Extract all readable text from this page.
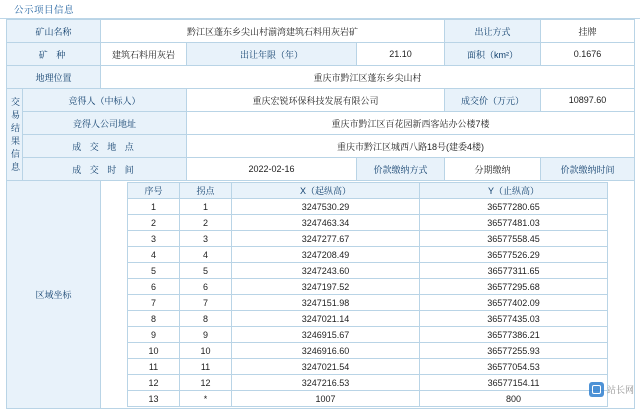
公示项目信息
矿山名称	黔江区蓬东乡尖山村湔湾建筑石料用灰岩矿	出让方式	挂牌
矿 种	建筑石料用灰岩	出让年限（年）	21.10	面积（km²）	0.1676
地理位置	重庆市黔江区蓬东乡尖山村
交易结果信息	竞得人（中标人）	重庆宏锐环保科技发展有限公司	成交价（万元）	10897.60
竞得人公司地址	重庆市黔江区百花园新西客站办公楼7楼
成 交 地 点	重庆市黔江区城西八路18号(建委4楼)
成 交 时 间	2022-02-16	价款缴纳方式	分期缴纳	价款缴纳时间	
区域坐标	
序号	拐点	X（起纵高）	Y（止纵高）
1	1	3247530.29	36577280.65
2	2	3247463.34	36577481.03
3	3	3247277.67	36577558.45
4	4	3247208.49	36577526.29
5	5	3247243.60	36577311.65
6	6	3247197.52	36577295.68
7	7	3247151.98	36577402.09
8	8	3247021.14	36577435.03
9	9	3246915.67	36577386.21
10	10	3246916.60	36577255.93
11	11	3247021.54	36577054.53
12	12	3247216.53	36577154.11
13	*	1007	800
站长网
